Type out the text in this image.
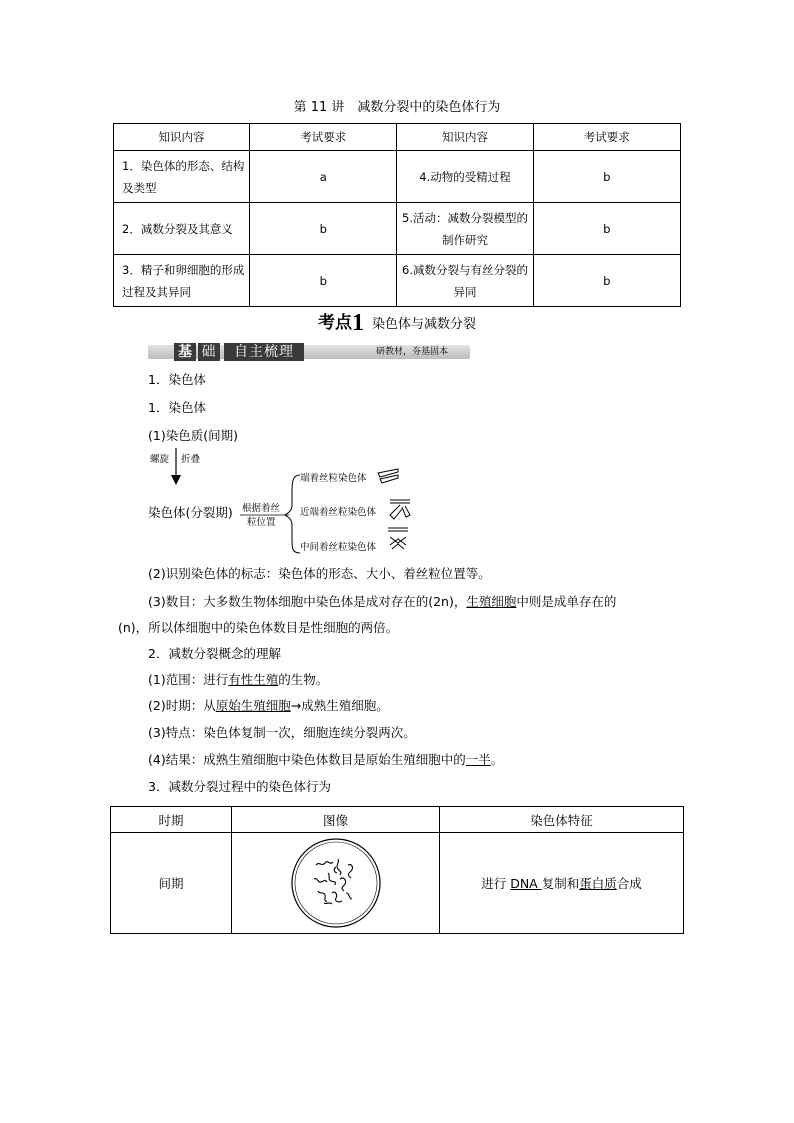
第 11 讲　减数分裂中的染色体行为
知识内容	考试要求	知识内容	考试要求
1．染色体的形态、结构及类型	a	4.动物的受精过程	b
2．减数分裂及其意义	b	5.活动：减数分裂模型的制作研究	b
3．精子和卵细胞的形成过程及其异同	b	6.减数分裂与有丝分裂的异同	b
考点1 染色体与减数分裂
基 础	自主梳理	研教材，夯基固本
1．染色体
1．染色体
(1)染色质(间期)
螺旋 折叠
染色体(分裂期) 根据着丝
粒位置
端着丝粒染色体
近端着丝粒染色体
中间着丝粒染色体
(2)识别染色体的标志：染色体的形态、大小、着丝粒位置等。
(3)数目：大多数生物体细胞中染色体是成对存在的(2n)，生殖细胞中则是成单存在的
(n)，所以体细胞中的染色体数目是性细胞的两倍。
2．减数分裂概念的理解
(1)范围：进行有性生殖的生物。
(2)时期：从原始生殖细胞→成熟生殖细胞。
(3)特点：染色体复制一次，细胞连续分裂两次。
(4)结果：成熟生殖细胞中染色体数目是原始生殖细胞中的一半。
3．减数分裂过程中的染色体行为
时期	图像	染色体特征
间期		进行 DNA 复制和蛋白质合成
